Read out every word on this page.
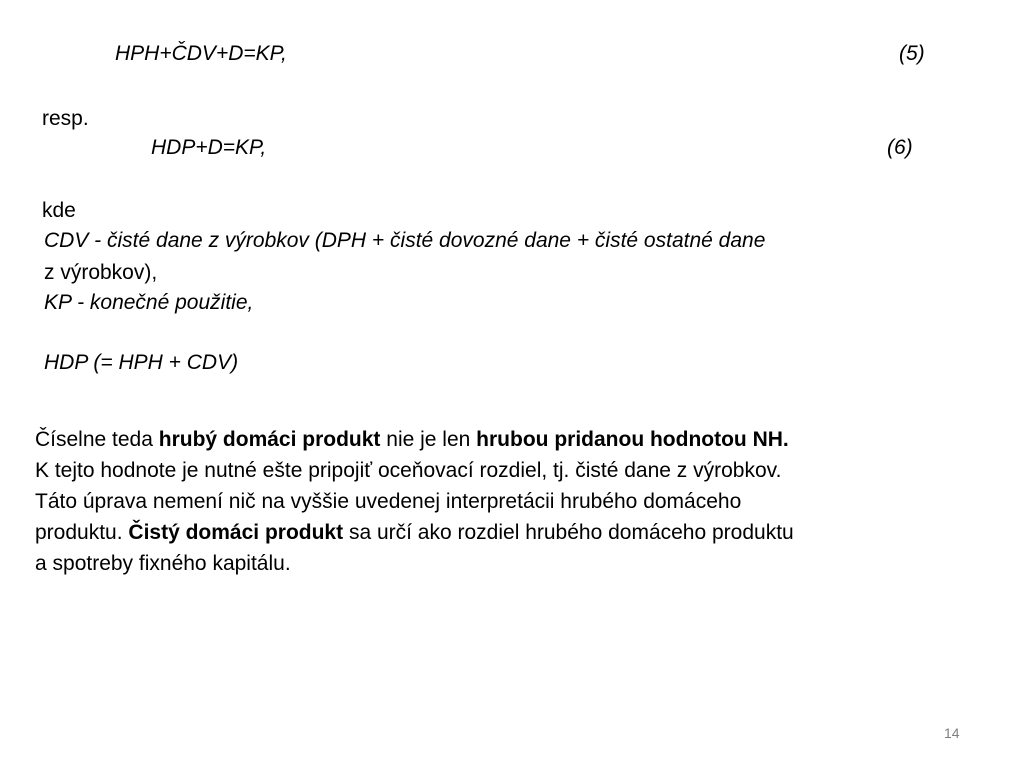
HPH+ČDV+D=KP,	(5)
resp.
HDP+D=KP,	(6)
kde
CDV - čisté dane z výrobkov (DPH + čisté dovozné dane + čisté ostatné dane
z výrobkov),
KP - konečné použitie,
HDP (= HPH + CDV)
Číselne teda hrubý domáci produkt nie je len hrubou pridanou hodnotou NH.
K tejto hodnote je nutné ešte pripojiť oceňovací rozdiel, tj. čisté dane z výrobkov.
Táto úprava nemení nič na vyššie uvedenej interpretácii hrubého domáceho
produktu. Čistý domáci produkt sa určí ako rozdiel hrubého domáceho produktu
a spotreby fixného kapitálu.
14
